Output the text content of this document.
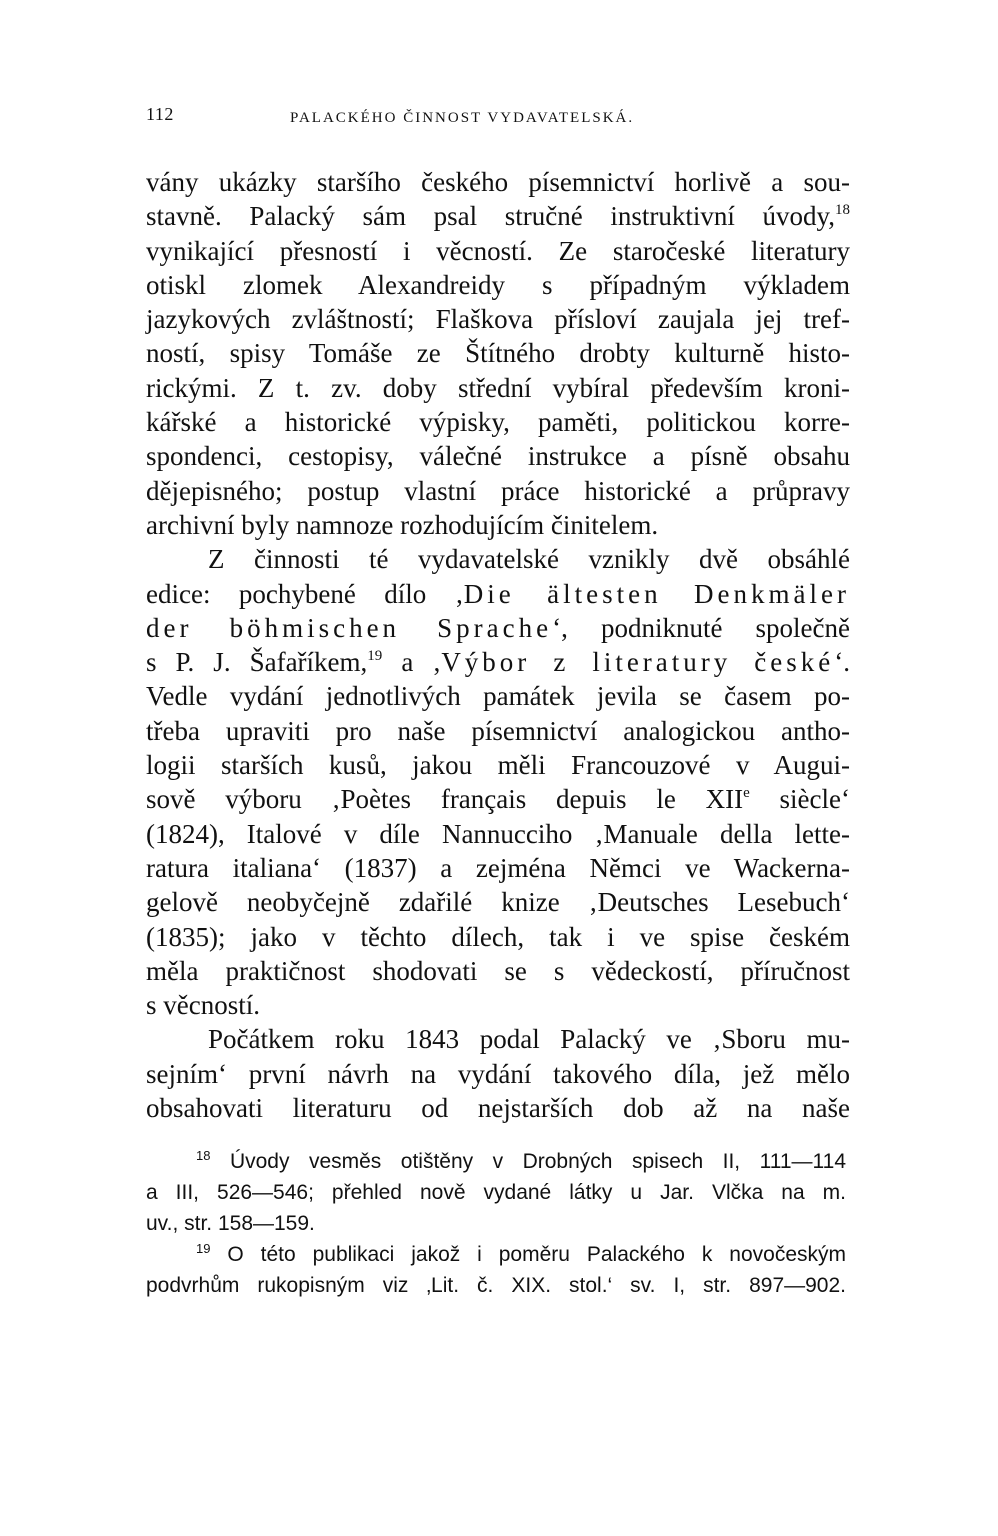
112	PALACKÉHO ČINNOST VYDAVATELSKÁ.
vány ukázky staršího českého písemnictví horlivě a sou-
stavně. Palacký sám psal stručné instruktivní úvody,$^{18}$
vynikající přesností i věcností. Ze staročeské literatury
otiskl zlomek Alexandreidy s případným výkladem
jazykových zvláštností; Flaškova přísloví zaujala jej tref-
ností, spisy Tomáše ze Štítného drobty kulturně histo-
rickými. Z t. zv. doby střední vybíral především kroni-
kářské a historické výpisky, paměti, politickou korre-
spondenci, cestopisy, válečné instrukce a písně obsahu
dějepisného; postup vlastní práce historické a průpravy
archivní byly namnoze rozhodujícím činitelem.
Z činnosti té vydavatelské vznikly dvě obsáhlé
edice: pochybené dílo ‚Die ältesten Denkmäler
der böhmischen Sprache‘, podniknuté společně
s P. J. Šafaříkem,$^{19}$ a ‚Výbor z literatury české‘.
Vedle vydání jednotlivých památek jevila se časem po-
třeba upraviti pro naše písemnictví analogickou antho-
logii starších kusů, jakou měli Francouzové v Augui-
sově výboru ‚Poètes français depuis le XIIe siècle‘
(1824), Italové v díle Nannucciho ‚Manuale della lette-
ratura italiana‘ (1837) a zejména Němci ve Wackerna-
gelově neobyčejně zdařilé knize ‚Deutsches Lesebuch‘
(1835); jako v těchto dílech, tak i ve spise českém
měla praktičnost shodovati se s vědeckostí, příručnost
s věcností.
Počátkem roku 1843 podal Palacký ve ‚Sboru mu-
sejním‘ první návrh na vydání takového díla, jež mělo
obsahovati literaturu od nejstarších dob až na naše
$^{18}$ Úvody vesměs otištěny v Drobných spisech II, 111—114
a III, 526—546; přehled nově vydané látky u Jar. Vlčka na m.
uv., str. 158—159.
$^{19}$ O této publikaci jakož i poměru Palackého k novočeským
podvrhům rukopisným viz ‚Lit. č. XIX. stol.‘ sv. I, str. 897—902.
